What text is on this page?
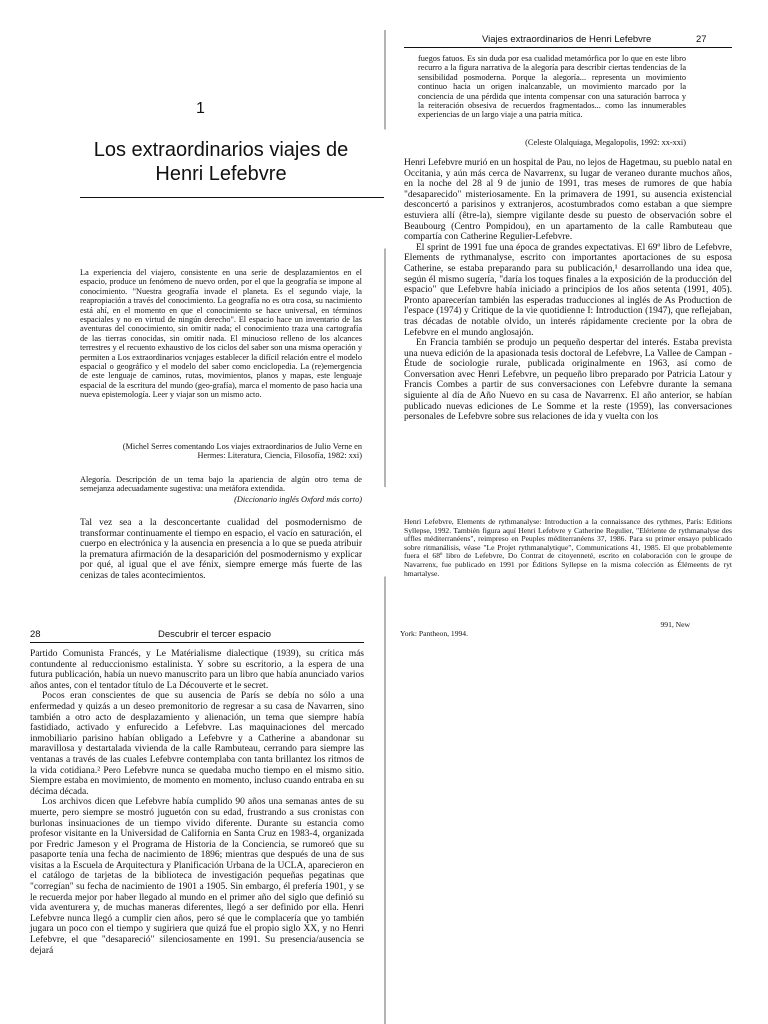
1
Los extraordinarios viajes de Henri Lefebvre
La experiencia del viajero, consistente en una serie de desplazamientos en el espacio, produce un fenómeno de nuevo orden, por el que la geografía se impone al conocimiento. "Nuestra geografía invade el planeta. Es el segundo viaje, la reapropiación a través del conocimiento. La geografía no es otra cosa, su nacimiento está ahí, en el momento en que el conocimiento se hace universal, en términos espaciales y no en virtud de ningún derecho". El espacio hace un inventario de las aventuras del conocimiento, sin omitir nada; el conocimiento traza una cartografía de las tierras conocidas, sin omitir nada. El minucioso relleno de los alcances terrestres y el recuento exhaustivo de los ciclos del saber son una misma operación y permiten a Los extraordinarios vcnjages establecer la difícil relación entre el modelo espacial o geográfico y el modelo del saber como enciclopedia. La (re)emergencia de este lenguaje de caminos, rutas, movimientos, planos y mapas, este lenguaje espacial de la escritura del mundo (geo-grafía), marca el momento de paso hacia una nueva epistemología. Leer y viajar son un mismo acto.
(Michel Serres comentando Los viajes extraordinarios de Julio Verne en Hermes: Literatura, Ciencia, Filosofía, 1982: xxi)
Alegoría. Descripción de un tema bajo la apariencia de algún otro tema de semejanza adecuadamente sugestiva: una metáfora extendida.
(Diccionario inglés Oxford más corto)
Tal vez sea a la desconcertante cualidad del posmodernismo de transformar continuamente el tiempo en espacio, el vacío en saturación, el cuerpo en electrónica y la ausencia en presencia a lo que se pueda atribuir la prematura afirmación de la desaparición del posmodernismo y explicar por qué, al igual que el ave fénix, siempre emerge más fuerte de las cenizas de tales acontecimientos.
Viajes extraordinarios de Henri Lefebvre	27
fuegos fatuos. Es sin duda por esa cualidad metamórfica por lo que en este libro recurro a la figura narrativa de la alegoría para describir ciertas tendencias de la sensibilidad posmoderna. Porque la alegoría... representa un movimiento continuo hacia un origen inalcanzable, un movimiento marcado por la conciencia de una pérdida que intenta compensar con una saturación barroca y la reiteración obsesiva de recuerdos fragmentados... como las innumerables experiencias de un largo viaje a una patria mítica.
(Celeste Olalquiaga, Megalopolis, 1992: xx-xxi)

Henri Lefebvre murió en un hospital de Pau, no lejos de Hagetmau, su pueblo natal en Occitania, y aún más cerca de Navarrenx, su lugar de veraneo durante muchos años, en la noche del 28 al 9 de junio de 1991, tras meses de rumores de que había "desaparecido" misteriosamente. En la primavera de 1991, su ausencia existencial desconcertó a parisinos y extranjeros, acostumbrados como estaban a que siempre estuviera allí (être-la), siempre vigilante desde su puesto de observación sobre el Beaubourg (Centro Pompidou), en un apartamento de la calle Rambuteau que compartía con Catherine Regulier-Lefebvre.

El sprint de 1991 fue una época de grandes expectativas. El 69º libro de Lefebvre, Elements de rythmanalyse, escrito con importantes aportaciones de su esposa Catherine, se estaba preparando para su publicación,¹ desarrollando una idea que, según él mismo sugería, "daría los toques finales a la exposición de la producción del espacio" que Lefebvre había iniciado a principios de los años setenta (1991, 405). Pronto aparecerían también las esperadas traducciones al inglés de As Production de l'espace (1974) y Critique de la vie quotidienne I: Introduction (1947), que reflejaban, tras décadas de notable olvido, un interés rápidamente creciente por la obra de Lefebvre en el mundo anglosajón.

En Francia también se produjo un pequeño despertar del interés. Estaba prevista una nueva edición de la apasionada tesis doctoral de Lefebvre, La Vallee de Campan - Étude de sociologie rurale, publicada originalmente en 1963, así como de Conversation avec Henri Lefebvre, un pequeño libro preparado por Patricia Latour y Francis Combes a partir de sus conversaciones con Lefebvre durante la semana siguiente al día de Año Nuevo en su casa de Navarrenx. El año anterior, se habían publicado nuevas ediciones de Le Somme et la reste (1959), las conversaciones personales de Lefebvre sobre sus relaciones de ida y vuelta con los

Henri Lefebvre, Elements de rythmanalyse: Introduction a la connaissance des rythmes, París: Editions Syllepse, 1992. También figura aquí Henri Lefebvre y Catherine Regulier, "Elériente de rythmanalyse des uffles méditerranéens", reimpreso en Peuples méditerranéens 37, 1986. Para su primer ensayo publicado sobre ritmanálisis, véase "Le Projet rythmanalytique", Communications 41, 1985. El que probablemente fuera el 68º libro de Lefebvre, Do Contrat de citoyenneté, escrito en colaboración con le groupe de Navarrenx, fue publicado en 1991 por Éditions Syllepse en la misma colección as Élémeents de ryt hmartalyse.

28	Descubrir el tercer espacio

Partido Comunista Francés, y Le Matérialisme dialectique (1939), su crítica más contundente al reduccionismo estalinista. Y sobre su escritorio, a la espera de una futura publicación, había un nuevo manuscrito para un libro que había anunciado varios años antes, con el tentador título de La Découverte et le secret.

Pocos eran conscientes de que su ausencia de París se debía no sólo a una enfermedad y quizás a un deseo premonitorio de regresar a su casa de Navarren, sino también a otro acto de desplazamiento y alienación, un tema que siempre había fastidiado, activado y enfurecido a Lefebvre. Las maquinaciones del mercado inmobiliario parisino habían obligado a Lefebvre y a Catherine a abandonar su maravillosa y destartalada vivienda de la calle Rambuteau, cerrando para siempre las ventanas a través de las cuales Lefebvre contemplaba con tanta brillantez los ritmos de la vida cotidiana.² Pero Lefebvre nunca se quedaba mucho tiempo en el mismo sitio. Siempre estaba en movimiento, de momento en momento, incluso cuando entraba en su décima década.

Los archivos dicen que Lefebvre había cumplido 90 años una semanas antes de su muerte, pero siempre se mostró juguetón con su edad, frustrando a sus cronistas con burlonas insinuaciones de un tiempo vivido diferente. Durante su estancia como profesor visitante en la Universidad de California en Santa Cruz en 1983-4, organizada por Fredric Jameson y el Programa de Historia de la Conciencia, se rumoreó que su pasaporte tenía una fecha de nacimiento de 1896; mientras que después de una de sus visitas a la Escuela de Arquitectura y Planificación Urbana de la UCLA, aparecieron en el catálogo de tarjetas de la biblioteca de investigación pequeñas pegatinas que "corregían" su fecha de nacimiento de 1901 a 1905. Sin embargo, él prefería 1901, y se le recuerda mejor por haber llegado al mundo en el primer año del siglo que definió su vida aventurera y, de muchas maneras diferentes, llegó a ser definido por ella. Henri Lefebvre nunca llegó a cumplir cien años, pero sé que le complacería que yo también jugara un poco con el tiempo y sugiriera que quizá fue el propio siglo XX, y no Henri Lefebvre, el que "desapareció" silenciosamente en 1991. Su presencia/ausencia se dejará

991, New
York: Pantheon, 1994.
